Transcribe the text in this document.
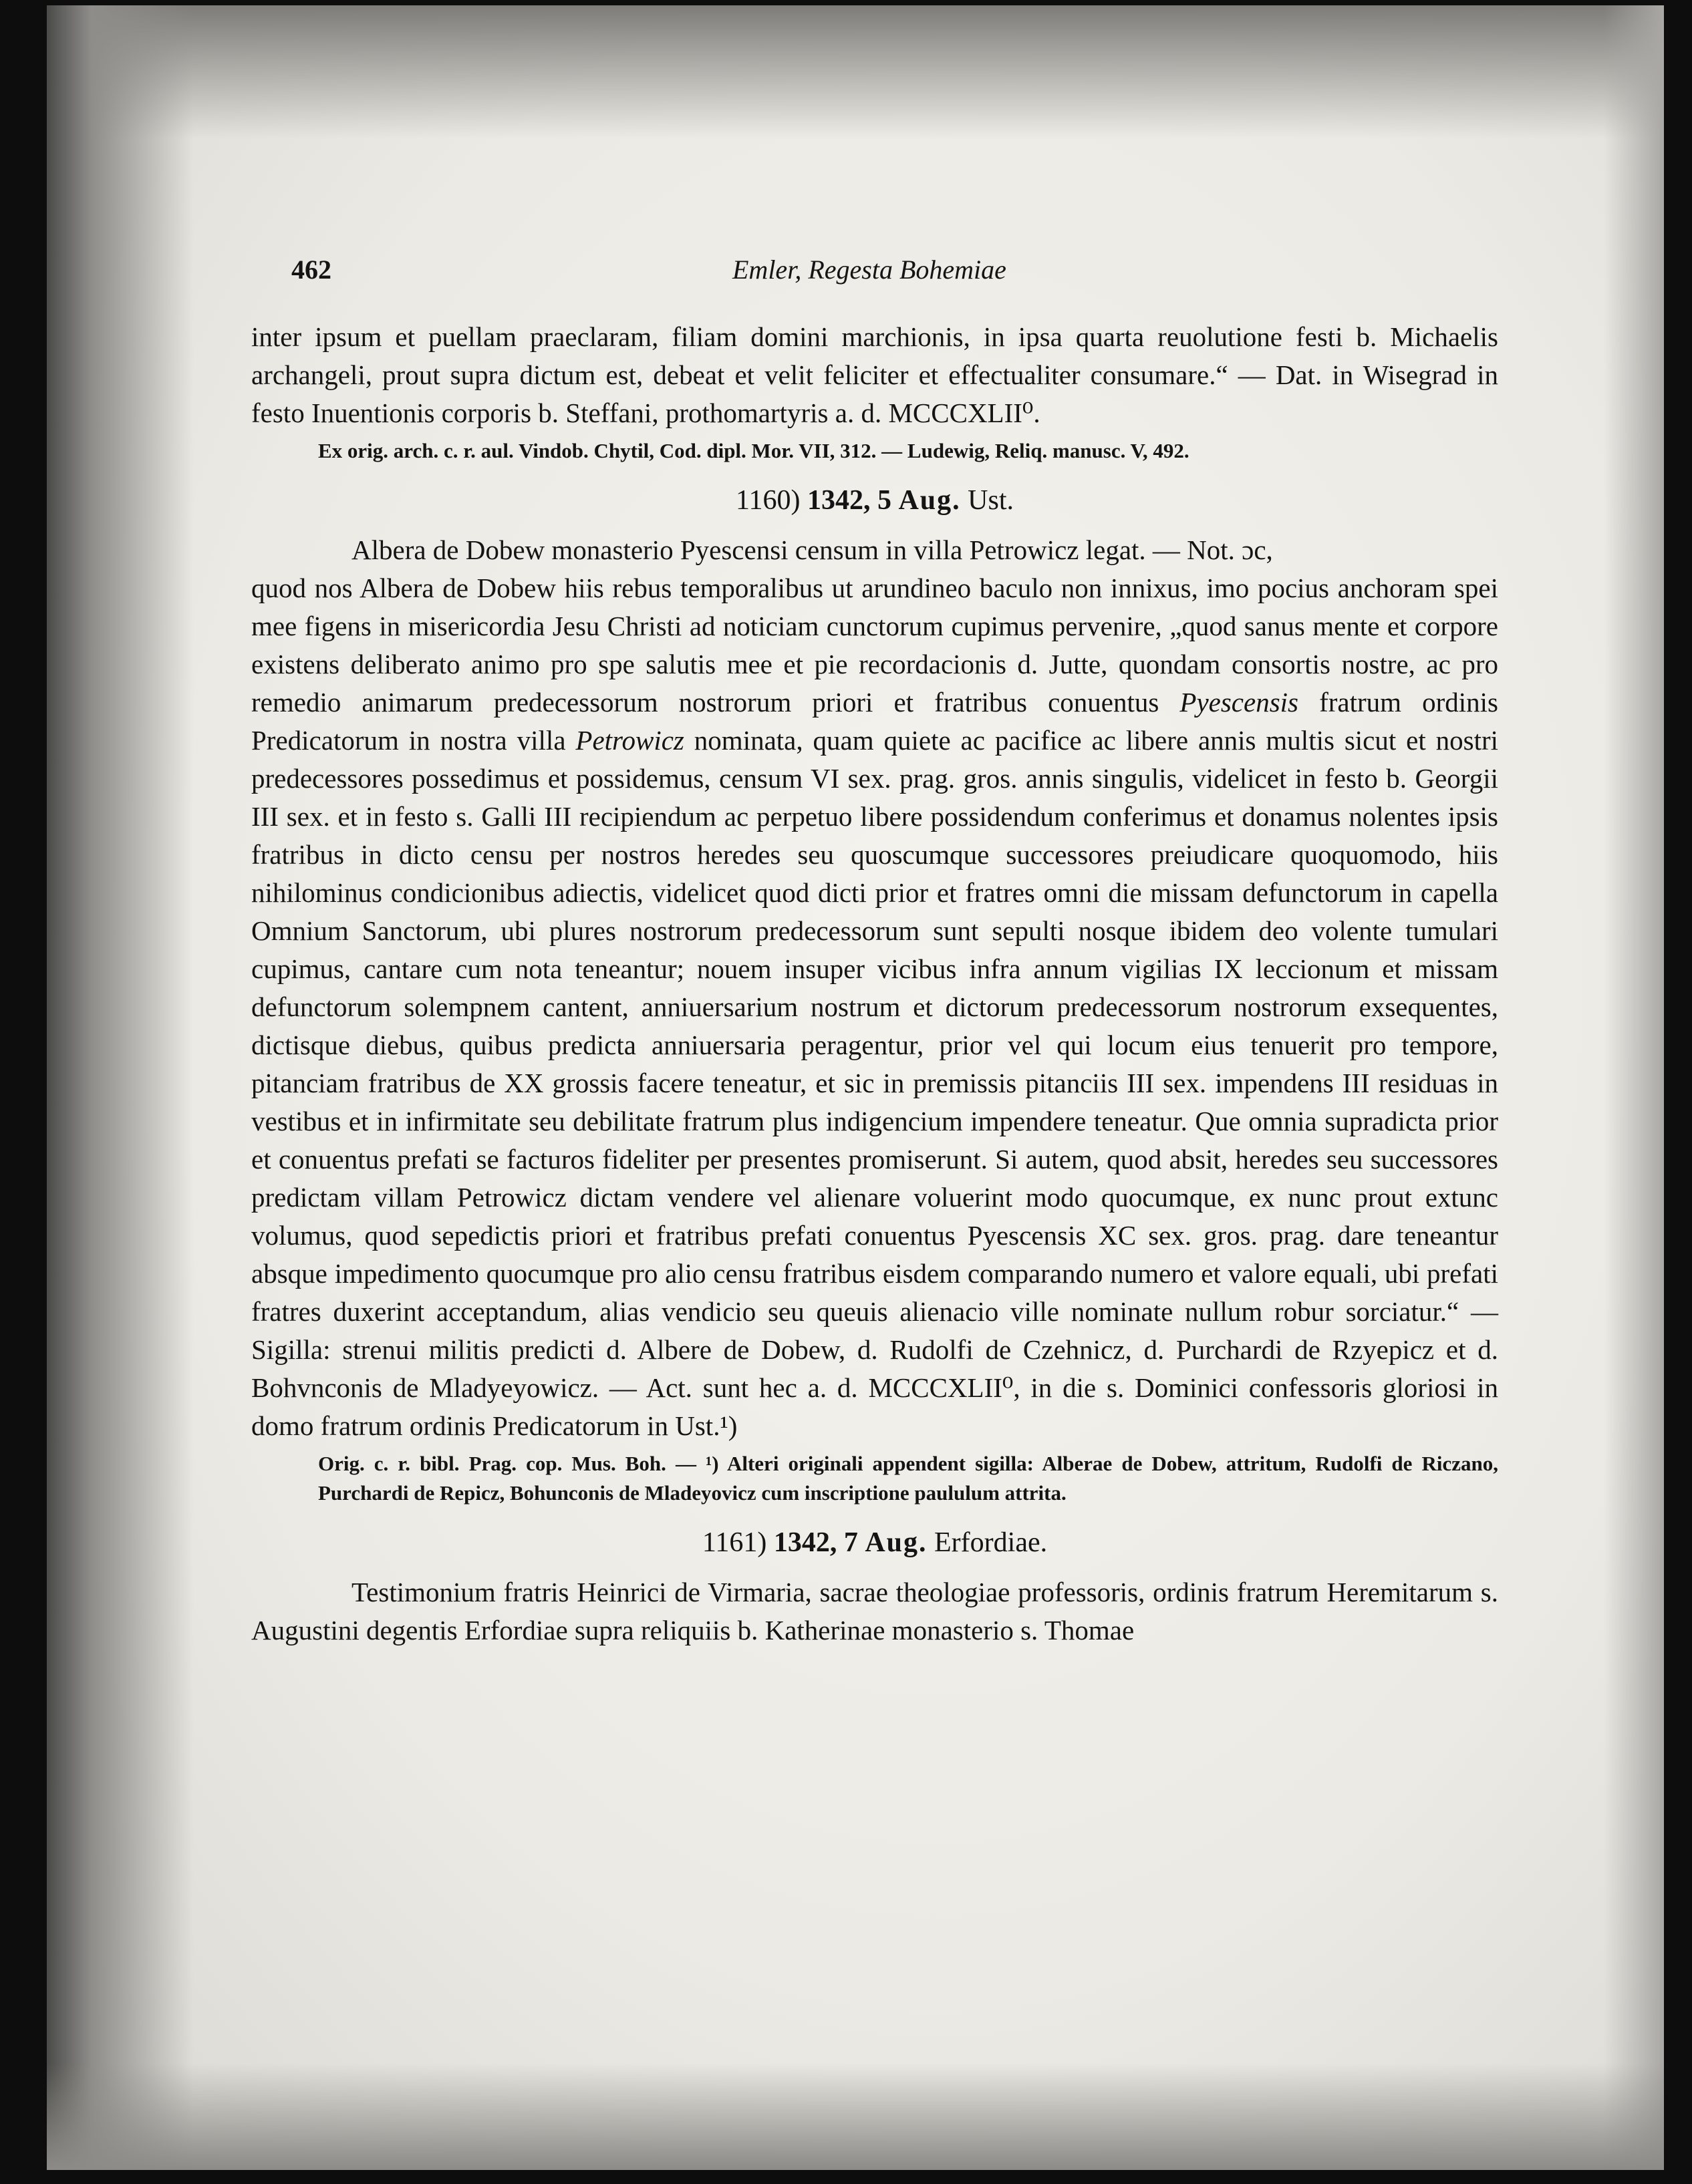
462	Emler, Regesta Bohemiae

inter ipsum et puellam praeclaram, filiam domini marchionis, in ipsa quarta reuolutione festi b. Michaelis archangeli, prout supra dictum est, debeat et velit feliciter et effectualiter consumare.“ — Dat. in Wisegrad in festo Inuentionis corporis b. Steffani, prothomartyris a. d. MCCCXLII⁰.

Ex orig. arch. c. r. aul. Vindob. Chytil, Cod. dipl. Mor. VII, 312. — Ludewig, Reliq. manusc. V, 492.
1160) 1342, 5 Aug. Ust.

Albera de Dobew monasterio Pyescensi censum in villa Petrowicz legat. — Not. ɔc,

quod nos Albera de Dobew hiis rebus temporalibus ut arundineo baculo non innixus, imo pocius anchoram spei mee figens in misericordia Jesu Christi ad noticiam cunctorum cupimus pervenire, „quod sanus mente et corpore existens deliberato animo pro spe salutis mee et pie recordacionis d. Jutte, quondam consortis nostre, ac pro remedio animarum predecessorum nostrorum priori et fratribus conuentus Pyescensis fratrum ordinis Predicatorum in nostra villa Petrowicz nominata, quam quiete ac pacifice ac libere annis multis sicut et nostri predecessores possedimus et possidemus, censum VI sex. prag. gros. annis singulis, videlicet in festo b. Georgii III sex. et in festo s. Galli III recipiendum ac perpetuo libere possidendum conferimus et donamus nolentes ipsis fratribus in dicto censu per nostros heredes seu quoscumque successores preiudicare quoquomodo, hiis nihilominus condicionibus adiectis, videlicet quod dicti prior et fratres omni die missam defunctorum in capella Omnium Sanctorum, ubi plures nostrorum predecessorum sunt sepulti nosque ibidem deo volente tumulari cupimus, cantare cum nota teneantur; nouem insuper vicibus infra annum vigilias IX leccionum et missam defunctorum solempnem cantent, anniuersarium nostrum et dictorum predecessorum nostrorum exsequentes, dictisque diebus, quibus predicta anniuersaria peragentur, prior vel qui locum eius tenuerit pro tempore, pitanciam fratribus de XX grossis facere teneatur, et sic in premissis pitanciis III sex. impendens III residuas in vestibus et in infirmitate seu debilitate fratrum plus indigencium impendere teneatur. Que omnia supradicta prior et conuentus prefati se facturos fideliter per presentes promiserunt. Si autem, quod absit, heredes seu successores predictam villam Petrowicz dictam vendere vel alienare voluerint modo quocumque, ex nunc prout extunc volumus, quod sepedictis priori et fratribus prefati conuentus Pyescensis XC sex. gros. prag. dare teneantur absque impedimento quocumque pro alio censu fratribus eisdem comparando numero et valore equali, ubi prefati fratres duxerint acceptandum, alias vendicio seu queuis alienacio ville nominate nullum robur sorciatur.“ — Sigilla: strenui militis predicti d. Albere de Dobew, d. Rudolfi de Czehnicz, d. Purchardi de Rzyepicz et d. Bohvnconis de Mladyeyowicz. — Act. sunt hec a. d. MCCCXLII⁰, in die s. Dominici confessoris gloriosi in domo fratrum ordinis Predicatorum in Ust.¹)

Orig. c. r. bibl. Prag. cop. Mus. Boh. — ¹) Alteri originali appendent sigilla: Alberae de Dobew, attritum, Rudolfi de Riczano, Purchardi de Repicz, Bohunconis de Mladeyovicz cum inscriptione paululum attrita.
1161) 1342, 7 Aug. Erfordiae.

Testimonium fratris Heinrici de Virmaria, sacrae theologiae professoris, ordinis fratrum Heremitarum s. Augustini degentis Erfordiae supra reliquiis b. Katherinae monasterio s. Thomae
